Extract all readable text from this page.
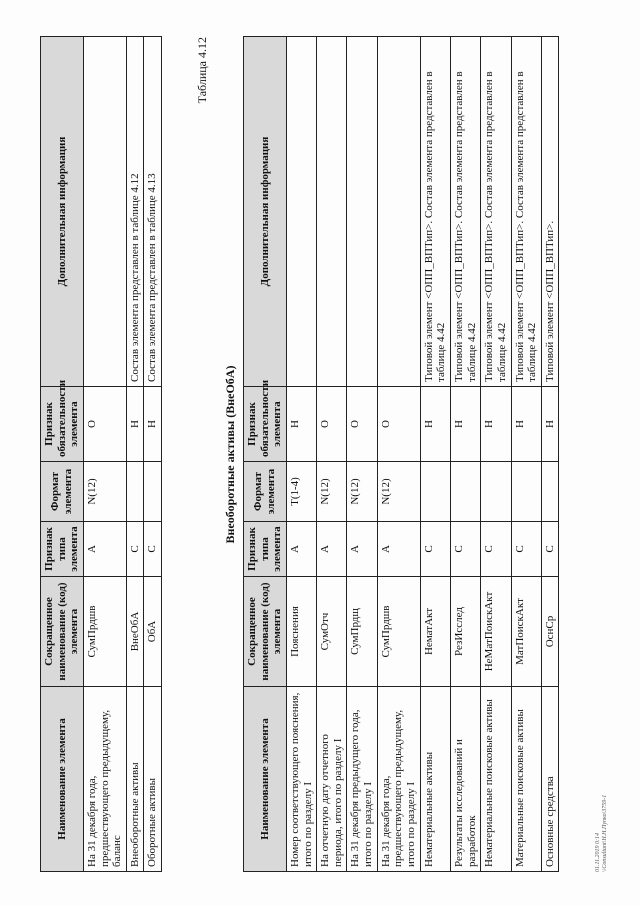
Наименование элемента	Сокращенное наименование (код) элемента	Признак типа элемента	Формат элемента	Признак обязательности элемента	Дополнительная информация
На 31 декабря года, предшествующего предыдущему, баланс	СумПрдшв	А	N(12)	О	
Внеоборотные активы	ВнеОбА	С		Н	Состав элемента представлен в таблице 4.12
Оборотные активы	ОбА	С		Н	Состав элемента представлен в таблице 4.13
Таблица 4.12
Внеоборотные активы (ВнеОбА)
Наименование элемента	Сокращенное наименование (код) элемента	Признак типа элемента	Формат элемента	Признак обязательности элемента	Дополнительная информация
Номер соответствующего пояснения, итого по разделу I	Пояснения	А	T(1-4)	Н	
На отчетную дату отчетного периода, итого по разделу I	СумОтч	А	N(12)	О	
На 31 декабря предыдущего года, итого по разделу I	СумПрдщ	А	N(12)	О	
На 31 декабря года, предшествующего предыдущему, итого по разделу I	СумПрдшв	А	N(12)	О	
Нематериальные активы	НематАкт	С		Н	Типовой элемент <ОПП_ВПТип>. Состав элемента представлен в таблице 4.42
Результаты исследований и разработок	РезИсслед	С		Н	Типовой элемент <ОПП_ВПТип>. Состав элемента представлен в таблице 4.42
Нематериальные поисковые активы	НеМатПоискАкт	С		Н	Типовой элемент <ОПП_ВПТип>. Состав элемента представлен в таблице 4.42
Материальные поисковые активы	МатПоискАкт	С		Н	Типовой элемент <ОПП_ВПТип>. Состав элемента представлен в таблице 4.42
Основные средства	ОснСр	С		Н	Типовой элемент <ОПП_ВПТип>.
01.11.2019 0:14 \\Consultant\Н.Н.Пупко\3759-1
